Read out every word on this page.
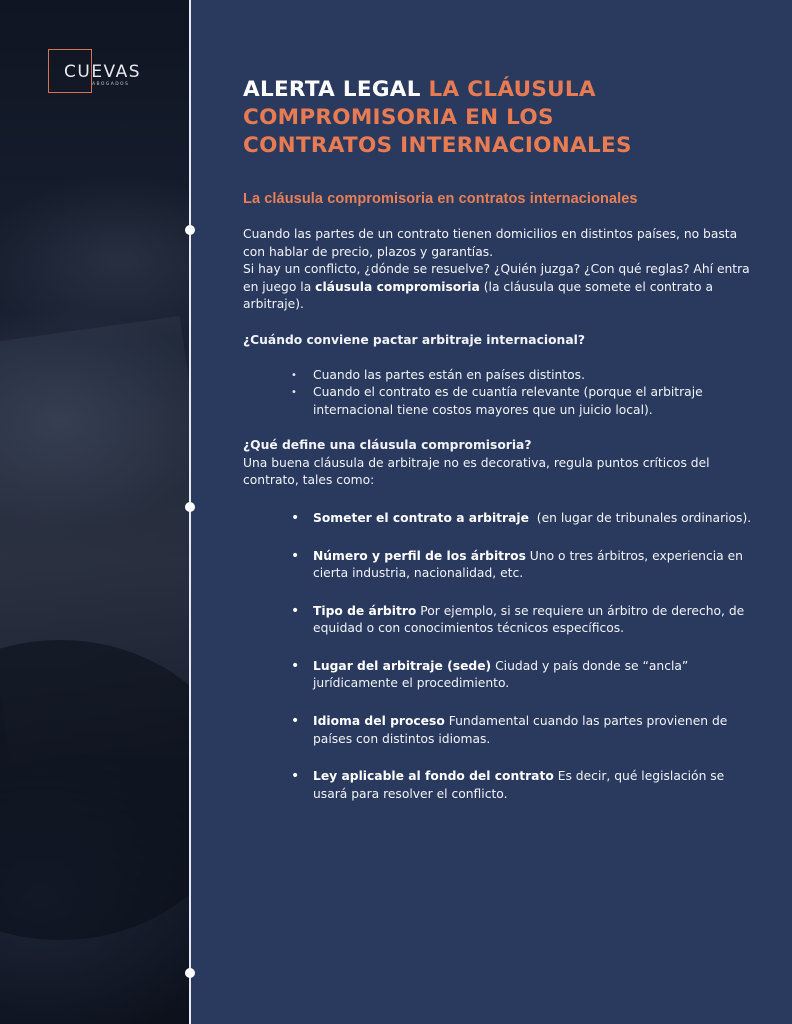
CUEVAS
ABOGADOS	ALERTA LEGAL LA CLÁUSULA
COMPROMISORIA EN LOS
CONTRATOS INTERNACIONALES
La cláusula compromisoria en contratos internacionales

Cuando las partes de un contrato tienen domicilios en distintos países, no basta con hablar de precio, plazos y garantías.

Si hay un conflicto, ¿dónde se resuelve? ¿Quién juzga? ¿Con qué reglas? Ahí entra en juego la cláusula compromisoria (la cláusula que somete el contrato a arbitraje).

¿Cuándo conviene pactar arbitraje internacional?

• Cuando las partes están en países distintos.
• Cuando el contrato es de cuantía relevante (porque el arbitraje internacional tiene costos mayores que un juicio local).

¿Qué define una cláusula compromisoria?

Una buena cláusula de arbitraje no es decorativa, regula puntos críticos del contrato, tales como:

• Someter el contrato a arbitraje  (en lugar de tribunales ordinarios).
• Número y perfil de los árbitros Uno o tres árbitros, experiencia en cierta industria, nacionalidad, etc.
• Tipo de árbitro Por ejemplo, si se requiere un árbitro de derecho, de equidad o con conocimientos técnicos específicos.
• Lugar del arbitraje (sede) Ciudad y país donde se “ancla” jurídicamente el procedimiento.
• Idioma del proceso Fundamental cuando las partes provienen de países con distintos idiomas.
• Ley aplicable al fondo del contrato Es decir, qué legislación se usará para resolver el conflicto.
